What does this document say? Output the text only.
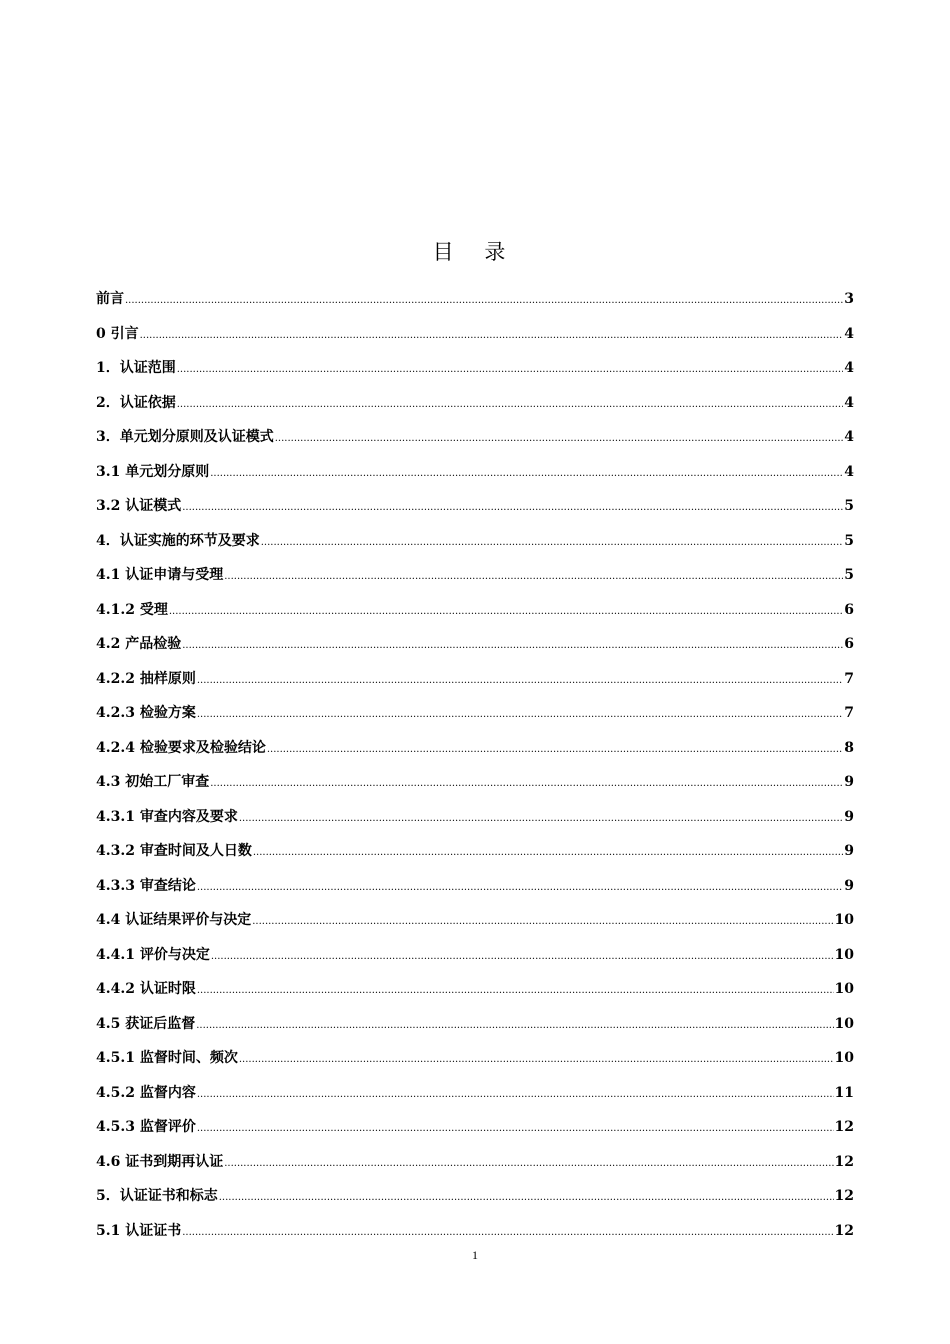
目 录
前言 .....	3
0 引言 .....	4
1．认证范围 .....	4
2．认证依据 .....	4
3．单元划分原则及认证模式 .....	4
3.1 单元划分原则 .....	4
3.2 认证模式 .....	5
4．认证实施的环节及要求 .....	5
4.1 认证申请与受理 .....	5
4.1.2 受理 .....	6
4.2 产品检验 .....	6
4.2.2 抽样原则 .....	7
4.2.3 检验方案 .....	7
4.2.4 检验要求及检验结论 .....	8
4.3 初始工厂审查 .....	9
4.3.1 审查内容及要求 .....	9
4.3.2 审查时间及人日数 .....	9
4.3.3 审查结论 .....	9
4.4 认证结果评价与决定 .....	10
4.4.1 评价与决定 .....	10
4.4.2 认证时限 .....	10
4.5 获证后监督 .....	10
4.5.1 监督时间、频次 .....	10
4.5.2 监督内容 .....	11
4.5.3 监督评价 .....	12
4.6 证书到期再认证 .....	12
5．认证证书和标志 .....	12
5.1 认证证书 .....	12
1
